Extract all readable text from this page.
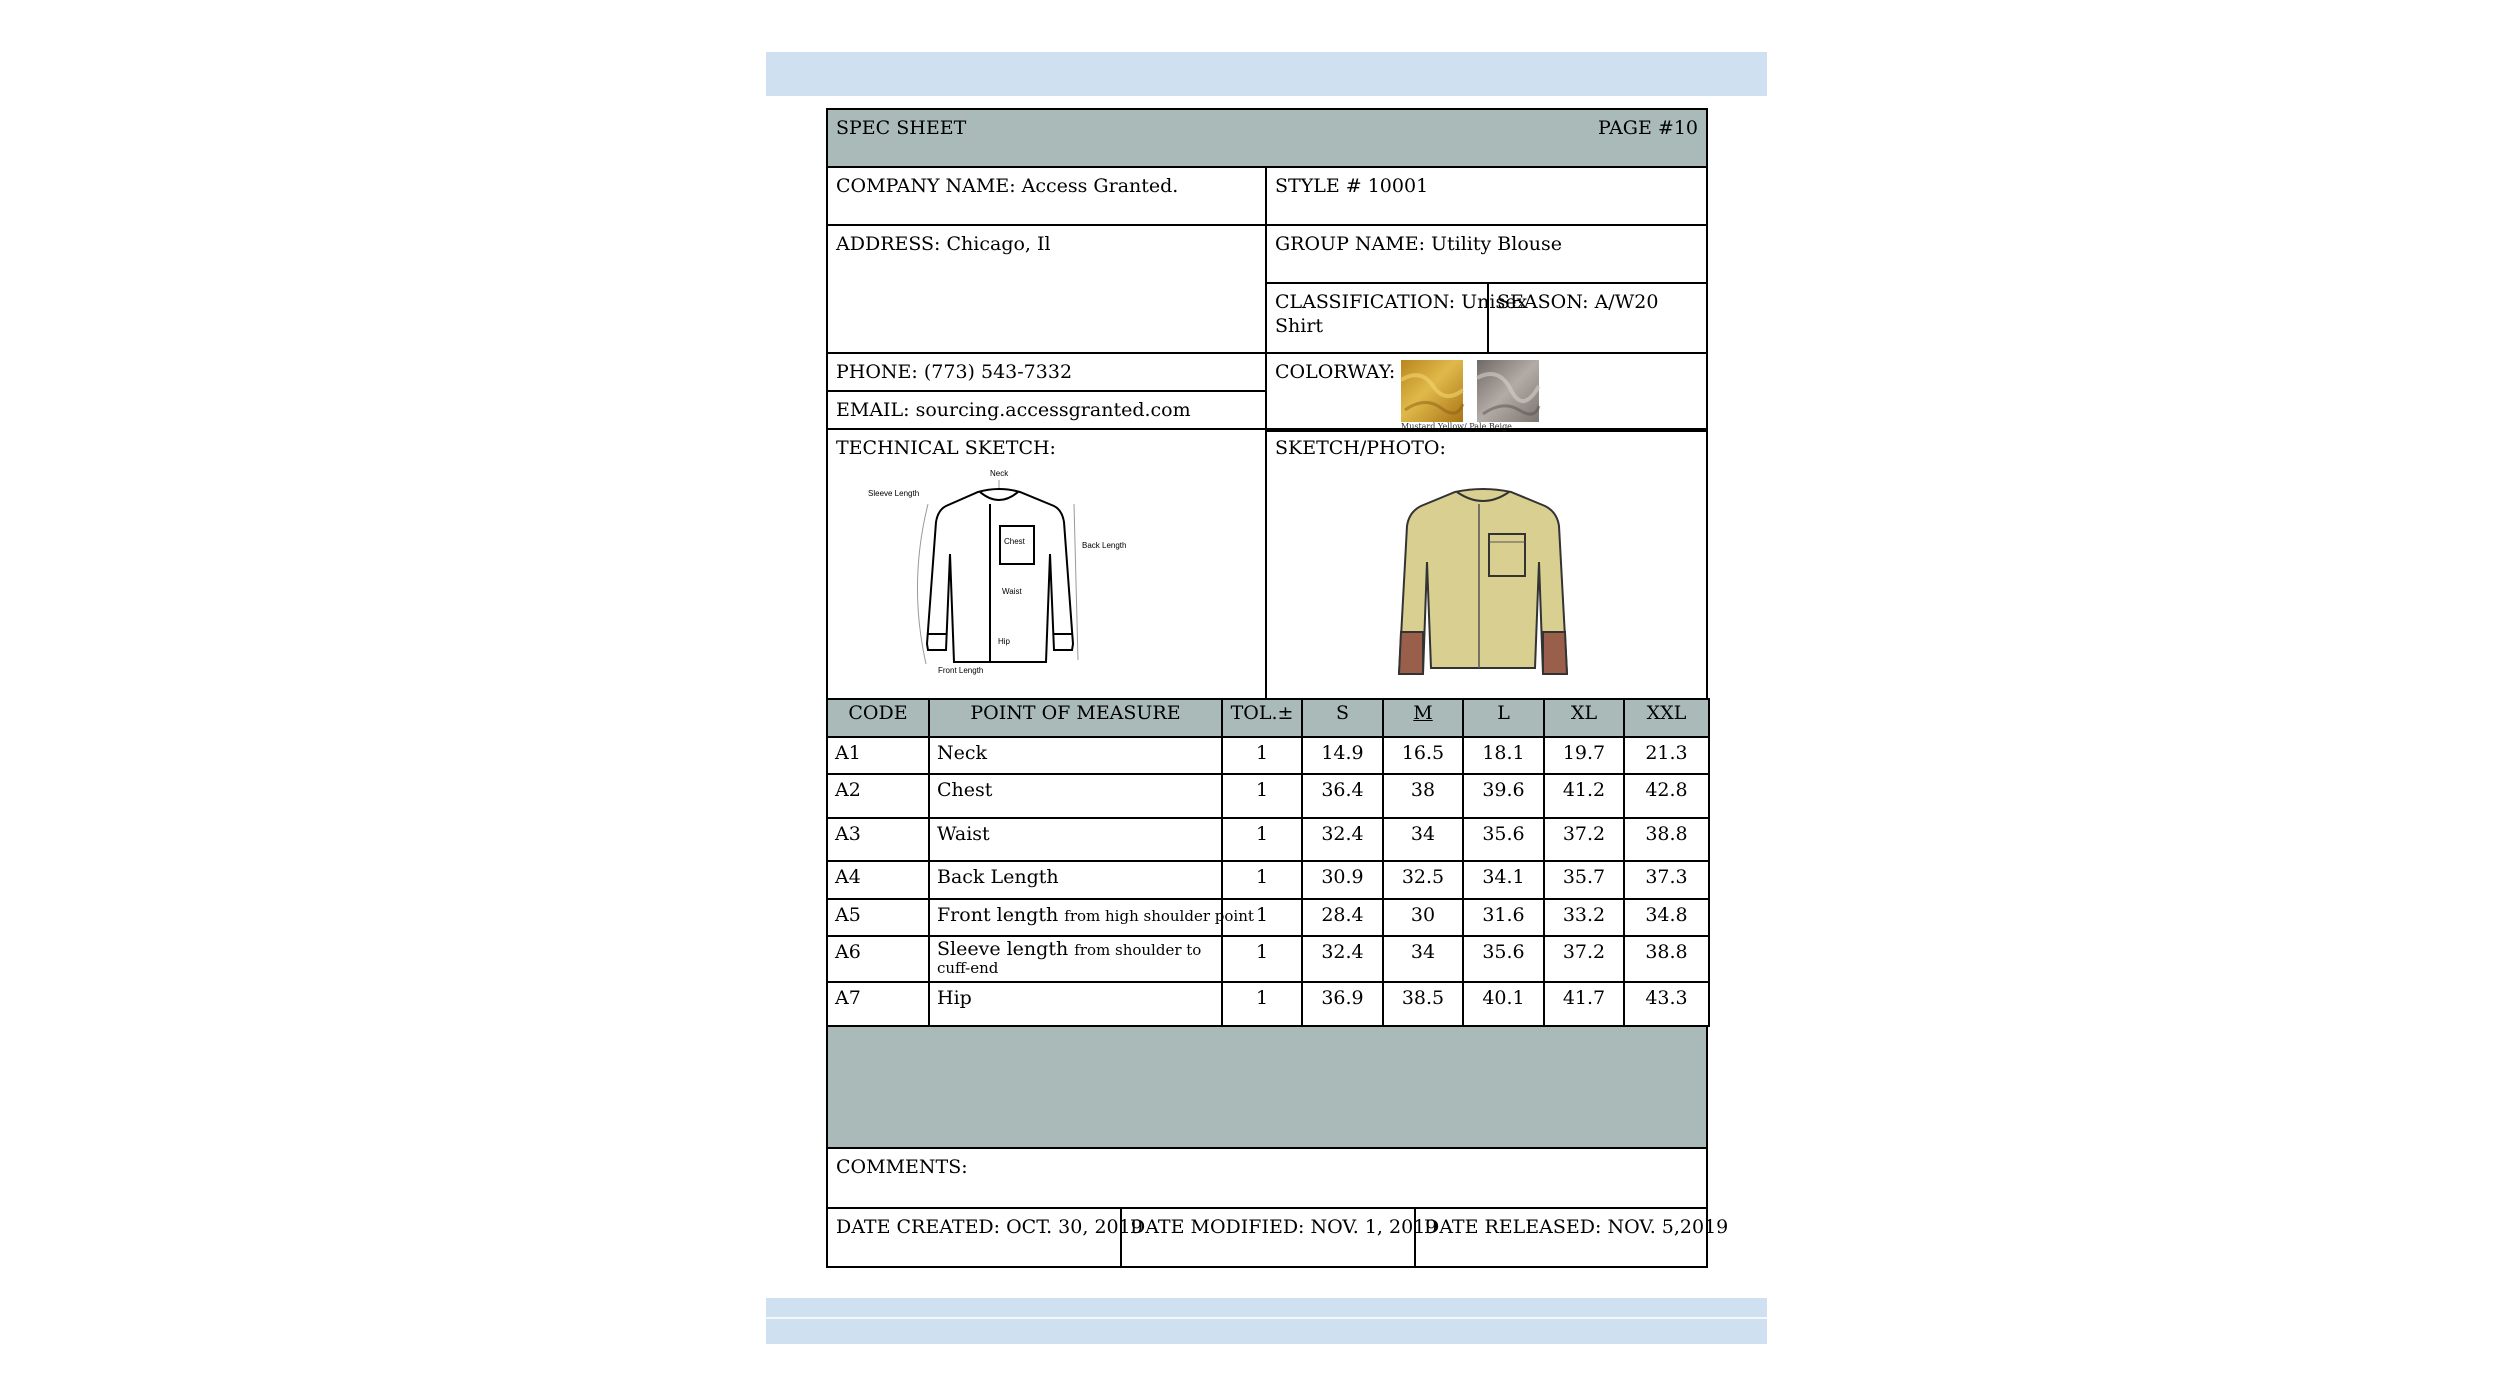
SPEC SHEET	PAGE #10
COMPANY NAME: Access Granted.	STYLE # 10001
ADDRESS: Chicago, Il	GROUP NAME: Utility Blouse
CLASSIFICATION: Unisex
Shirt
SEASON: A/W20
PHONE: (773) 543-7332
EMAIL: sourcing.accessgranted.com
COLORWAY:
Mustard Yellow/ Pale Beige
TECHNICAL SKETCH:
Neck
Sleeve Length
Chest	Back Length
Waist
Hip
Front Length
SKETCH/PHOTO:
CODE	POINT OF MEASURE	TOL.±	S	M	L	XL	XXL
A1	Neck	1	14.9	16.5	18.1	19.7	21.3
A2	Chest	1	36.4	38	39.6	41.2	42.8
A3	Waist	1	32.4	34	35.6	37.2	38.8
A4	Back Length	1	30.9	32.5	34.1	35.7	37.3
A5	Front length from high shoulder point	1	28.4	30	31.6	33.2	34.8
A6	Sleeve length from shoulder to cuff-end	1	32.4	34	35.6	37.2	38.8
A7	Hip	1	36.9	38.5	40.1	41.7	43.3
COMMENTS:
DATE CREATED: OCT. 30, 2019
DATE MODIFIED: NOV. 1, 2019
DATE RELEASED: NOV. 5,2019
